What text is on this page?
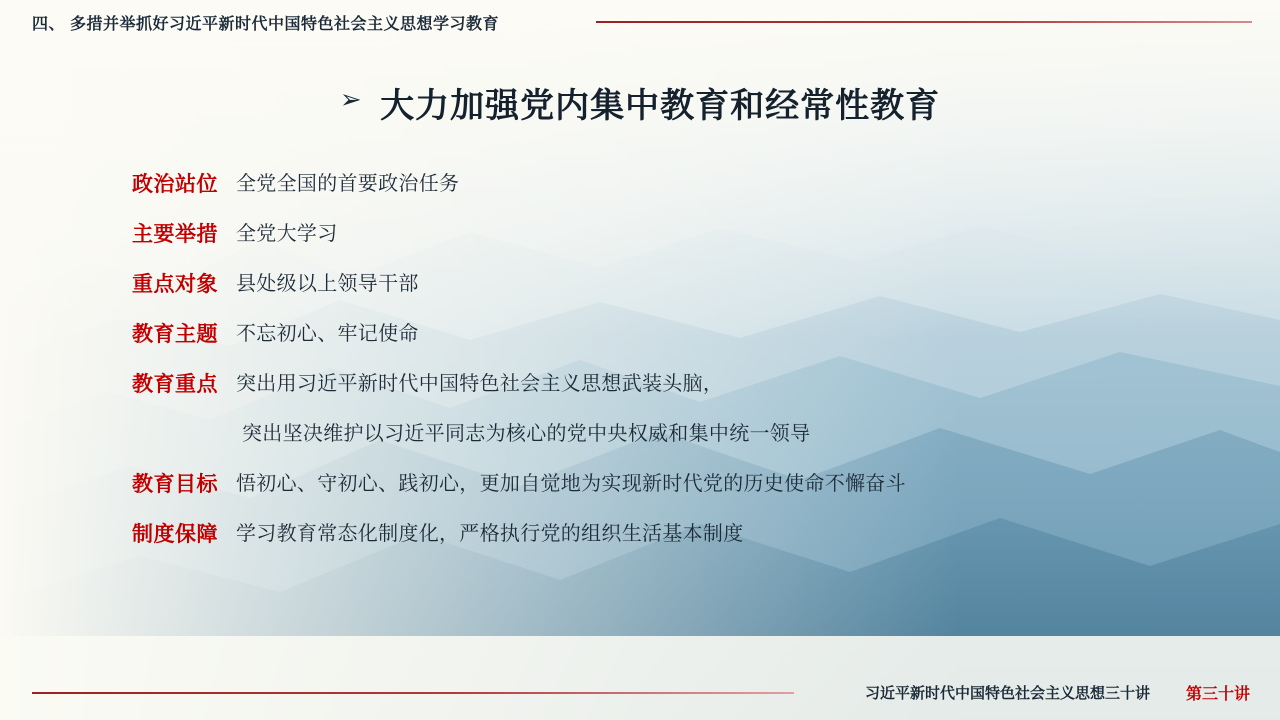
四、 多措并举抓好习近平新时代中国特色社会主义思想学习教育
➢ 大力加强党内集中教育和经常性教育
政治站位 全党全国的首要政治任务
主要举措 全党大学习
重点对象 县处级以上领导干部
教育主题 不忘初心、牢记使命
教育重点 突出用习近平新时代中国特色社会主义思想武装头脑，
突出坚决维护以习近平同志为核心的党中央权威和集中统一领导
教育目标 悟初心、守初心、践初心，更加自觉地为实现新时代党的历史使命不懈奋斗
制度保障 学习教育常态化制度化，严格执行党的组织生活基本制度
习近平新时代中国特色社会主义思想三十讲 第三十讲
